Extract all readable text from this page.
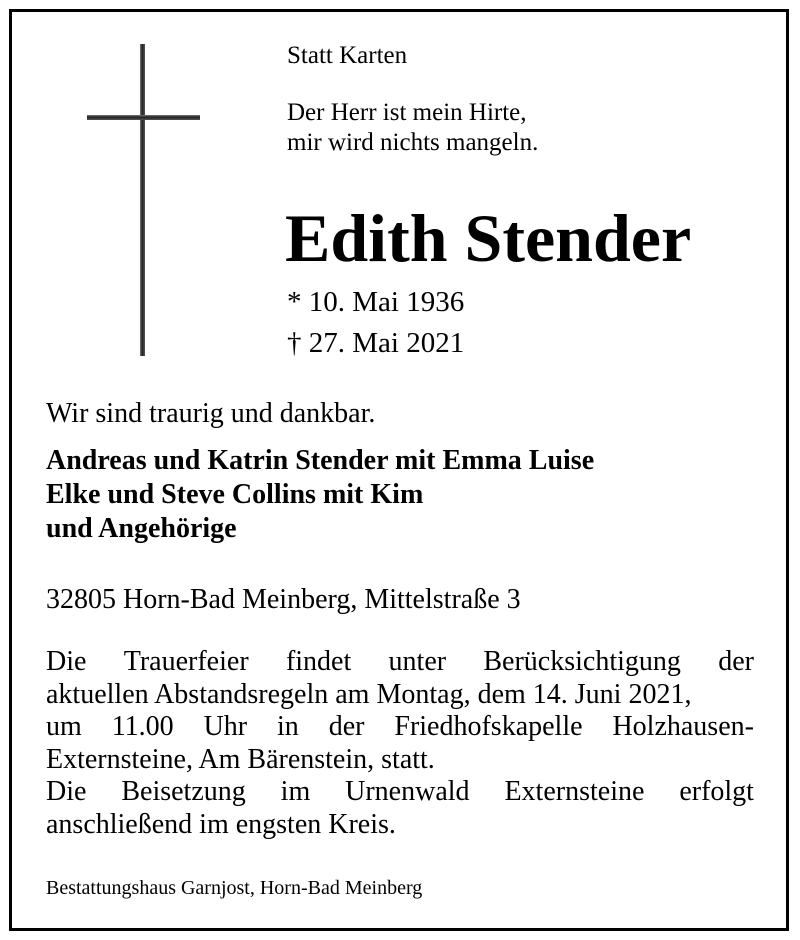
Statt Karten

Der Herr ist mein Hirte,
mir wird nichts mangeln.
Edith Stender

* 10. Mai 1936

† 27. Mai 2021

Wir sind traurig und dankbar.

Andreas und Katrin Stender mit Emma Luise
Elke und Steve Collins mit Kim
und Angehörige

32805 Horn-Bad Meinberg, Mittelstraße 3

Die Trauerfeier findet unter Berücksichtigung der
aktuellen Abstandsregeln am Montag, dem 14. Juni 2021,
um 11.00 Uhr in der Friedhofskapelle Holzhausen-
Externsteine, Am Bärenstein, statt.
Die Beisetzung im Urnenwald Externsteine erfolgt
anschließend im engsten Kreis.

Bestattungshaus Garnjost, Horn-Bad Meinberg
